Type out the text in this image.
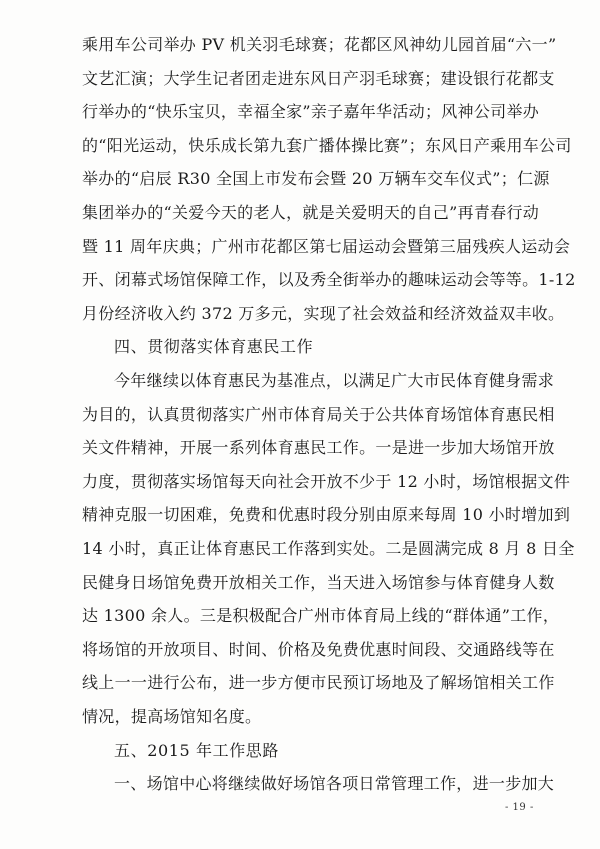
乘用车公司举办 PV 机关羽毛球赛；花都区风神幼儿园首届“六一”
文艺汇演；大学生记者团走进东风日产羽毛球赛；建设银行花都支
行举办的“快乐宝贝，幸福全家”亲子嘉年华活动；风神公司举办
的“阳光运动，快乐成长第九套广播体操比赛”；东风日产乘用车公司
举办的“启辰 R30 全国上市发布会暨 20 万辆车交车仪式”；仁源
集团举办的“关爱今天的老人，就是关爱明天的自己”再青春行动
暨 11 周年庆典；广州市花都区第七届运动会暨第三届残疾人运动会
开、闭幕式场馆保障工作，以及秀全街举办的趣味运动会等等。1-12
月份经济收入约 372 万多元，实现了社会效益和经济效益双丰收。
四、贯彻落实体育惠民工作
今年继续以体育惠民为基准点，以满足广大市民体育健身需求
为目的，认真贯彻落实广州市体育局关于公共体育场馆体育惠民相
关文件精神，开展一系列体育惠民工作。一是进一步加大场馆开放
力度，贯彻落实场馆每天向社会开放不少于 12 小时，场馆根据文件
精神克服一切困难，免费和优惠时段分别由原来每周 10 小时增加到
14 小时，真正让体育惠民工作落到实处。二是圆满完成 8 月 8 日全
民健身日场馆免费开放相关工作，当天进入场馆参与体育健身人数
达 1300 余人。三是积极配合广州市体育局上线的“群体通”工作，
将场馆的开放项目、时间、价格及免费优惠时间段、交通路线等在
线上一一进行公布，进一步方便市民预订场地及了解场馆相关工作
情况，提高场馆知名度。
五、2015 年工作思路
一、场馆中心将继续做好场馆各项日常管理工作，进一步加大
- 19 -
